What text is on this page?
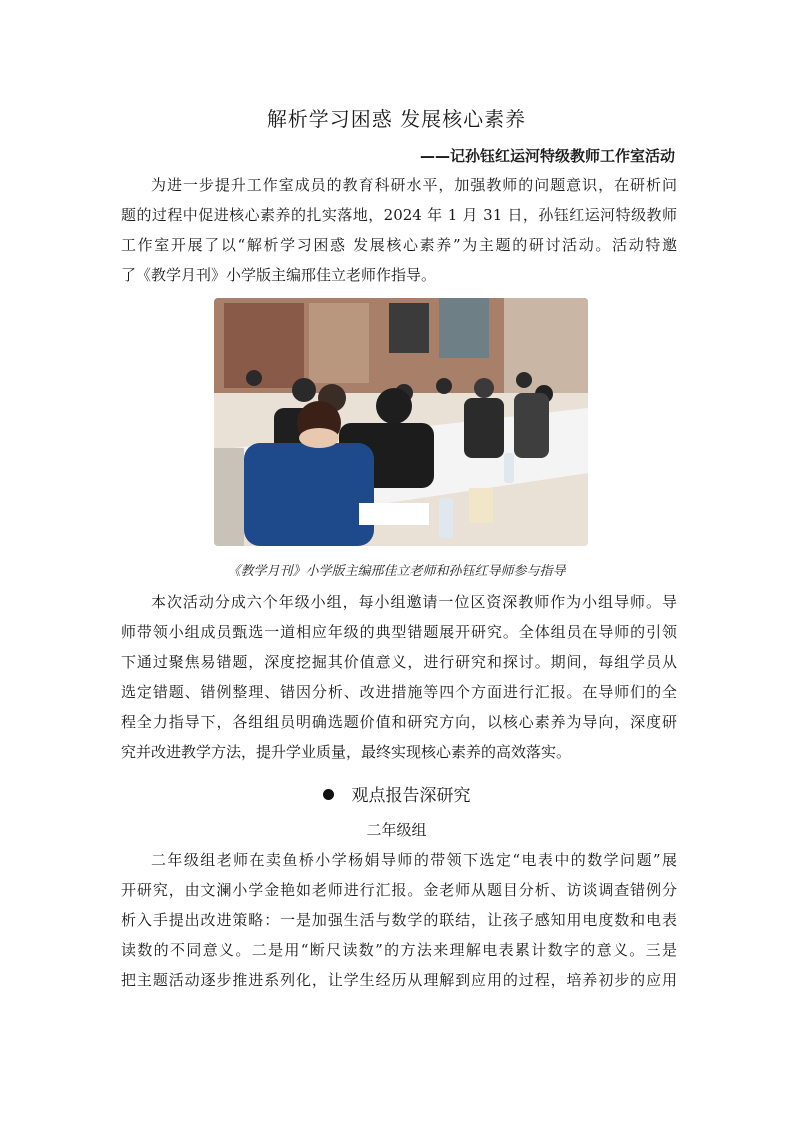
解析学习困惑 发展核心素养
——记孙钰红运河特级教师工作室活动
为进一步提升工作室成员的教育科研水平，加强教师的问题意识，在研析问
题的过程中促进核心素养的扎实落地，2024 年 1 月 31 日，孙钰红运河特级教师
工作室开展了以“解析学习困惑 发展核心素养”为主题的研讨活动。活动特邀
了《教学月刊》小学版主编邢佳立老师作指导。
《教学月刊》小学版主编邢佳立老师和孙钰红导师参与指导
本次活动分成六个年级小组，每小组邀请一位区资深教师作为小组导师。导
师带领小组成员甄选一道相应年级的典型错题展开研究。全体组员在导师的引领
下通过聚焦易错题，深度挖掘其价值意义，进行研究和探讨。期间，每组学员从
选定错题、错例整理、错因分析、改进措施等四个方面进行汇报。在导师们的全
程全力指导下，各组组员明确选题价值和研究方向，以核心素养为导向，深度研
究并改进教学方法，提升学业质量，最终实现核心素养的高效落实。
观点报告深研究
二年级组
二年级组老师在卖鱼桥小学杨娟导师的带领下选定“电表中的数学问题”展
开研究，由文澜小学金艳如老师进行汇报。金老师从题目分析、访谈调查错例分
析入手提出改进策略：一是加强生活与数学的联结，让孩子感知用电度数和电表
读数的不同意义。二是用“断尺读数”的方法来理解电表累计数字的意义。三是
把主题活动逐步推进系列化，让学生经历从理解到应用的过程，培养初步的应用
